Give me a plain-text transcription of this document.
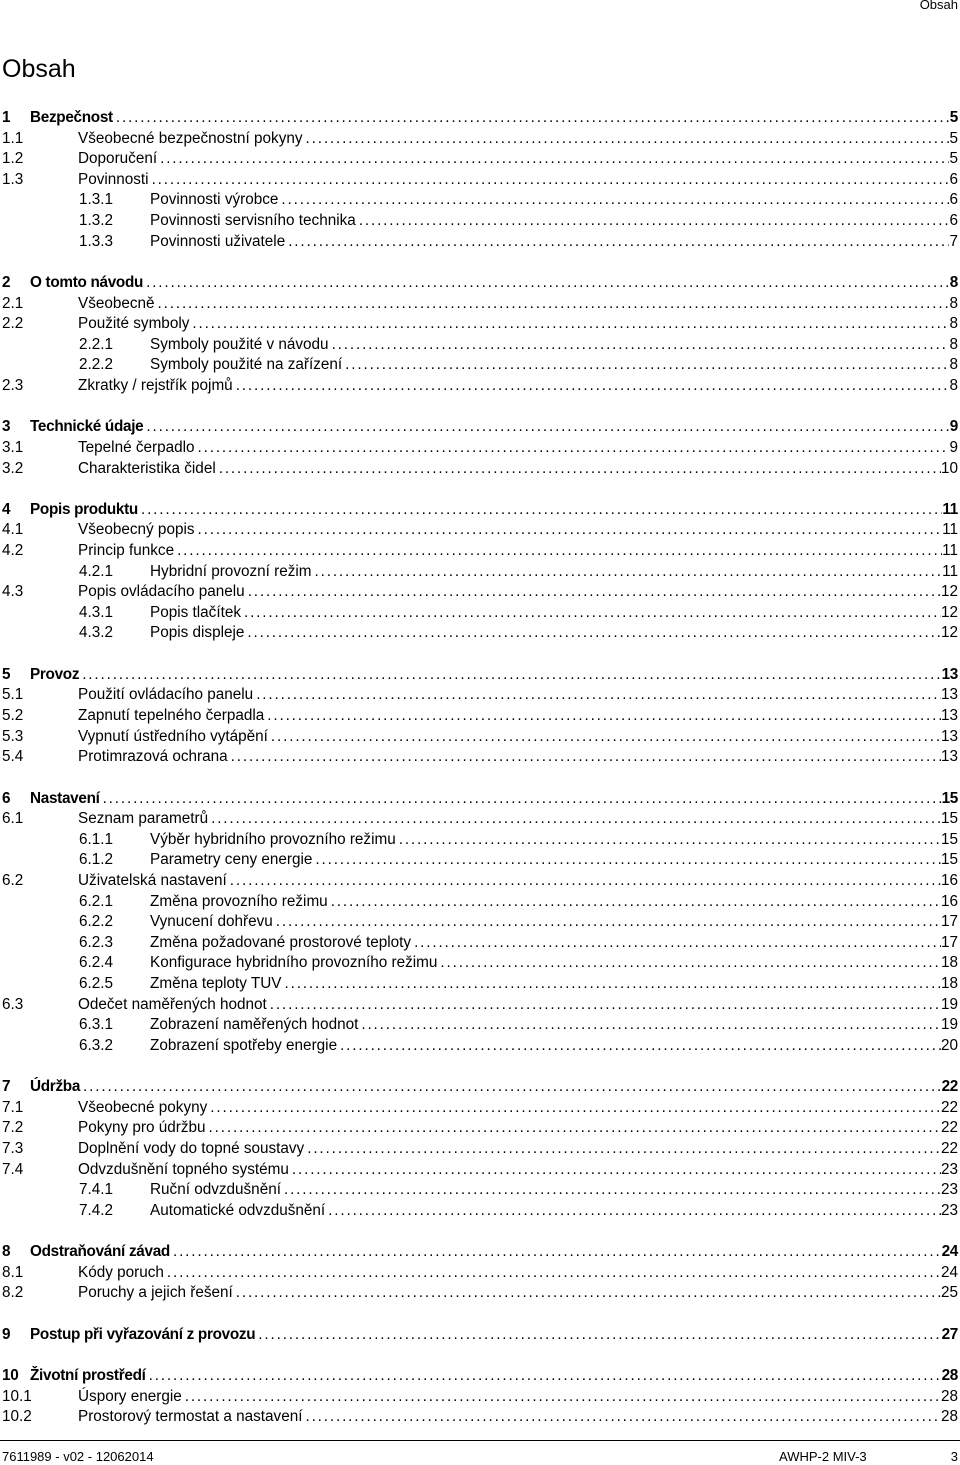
Obsah
Obsah
1	Bezpečnost . . .	5
1.1	Všeobecné bezpečnostní pokyny . . .	5
1.2	Doporučení . . .	5
1.3	Povinnosti . . .	6
1.3.1	Povinnosti výrobce . . .	6
1.3.2	Povinnosti servisního technika . . .	6
1.3.3	Povinnosti uživatele . . .	7
2	O tomto návodu . . .	8
2.1	Všeobecně . . .	8
2.2	Použité symboly . . .	8
2.2.1	Symboly použité v návodu . . .	8
2.2.2	Symboly použité na zařízení . . .	8
2.3	Zkratky / rejstřík pojmů . . .	8
3	Technické údaje . . .	9
3.1	Tepelné čerpadlo . . .	9
3.2	Charakteristika čidel . . .	10
4	Popis produktu . . .	11
4.1	Všeobecný popis . . .	11
4.2	Princip funkce . . .	11
4.2.1	Hybridní provozní režim . . .	11
4.3	Popis ovládacího panelu . . .	12
4.3.1	Popis tlačítek . . .	12
4.3.2	Popis displeje . . .	12
5	Provoz . . .	13
5.1	Použití ovládacího panelu . . .	13
5.2	Zapnutí tepelného čerpadla . . .	13
5.3	Vypnutí ústředního vytápění . . .	13
5.4	Protimrazová ochrana . . .	13
6	Nastavení . . .	15
6.1	Seznam parametrů . . .	15
6.1.1	Výběr hybridního provozního režimu . . .	15
6.1.2	Parametry ceny energie . . .	15
6.2	Uživatelská nastavení . . .	16
6.2.1	Změna provozního režimu . . .	16
6.2.2	Vynucení dohřevu . . .	17
6.2.3	Změna požadované prostorové teploty . . .	17
6.2.4	Konfigurace hybridního provozního režimu . . .	18
6.2.5	Změna teploty TUV . . .	18
6.3	Odečet naměřených hodnot . . .	19
6.3.1	Zobrazení naměřených hodnot . . .	19
6.3.2	Zobrazení spotřeby energie . . .	20
7	Údržba . . .	22
7.1	Všeobecné pokyny . . .	22
7.2	Pokyny pro údržbu . . .	22
7.3	Doplnění vody do topné soustavy . . .	22
7.4	Odvzdušnění topného systému . . .	23
7.4.1	Ruční odvzdušnění . . .	23
7.4.2	Automatické odvzdušnění . . .	23
8	Odstraňování závad . . .	24
8.1	Kódy poruch . . .	24
8.2	Poruchy a jejich řešení . . .	25
9	Postup při vyřazování z provozu . . .	27
10 Životní prostředí . . .	28
10.1	Úspory energie . . .	28
10.2	Prostorový termostat a nastavení . . .	28
7611989 - v02 - 12062014	AWHP-2 MIV-3	3
